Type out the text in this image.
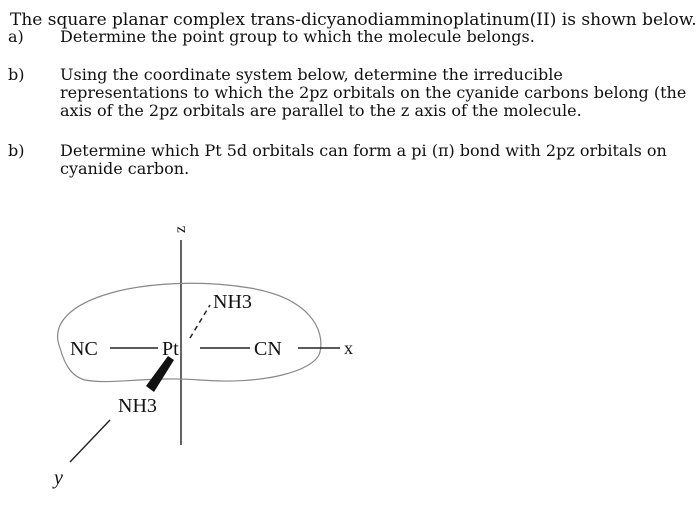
The square planar complex trans-dicyanodiamminoplatinum(II) is shown below.
a) Determine the point group to which the molecule belongs.
b) Using the coordinate system below, determine the irreducible representations to which the 2pz orbitals on the cyanide carbons belong (the axis of the 2pz orbitals are parallel to the z axis of the molecule.
b) Determine which Pt 5d orbitals can form a pi (π) bond with 2pz orbitals on cyanide carbon.
z
NH3
NC	Pt	CN	x
NH3
y
